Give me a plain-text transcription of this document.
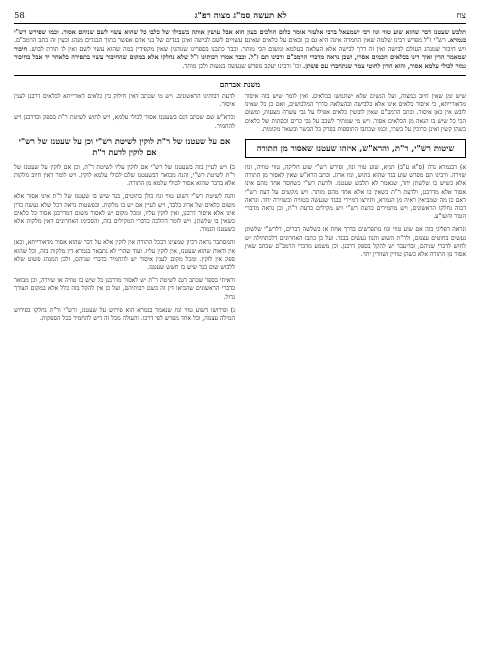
צח
לא תעשה סמ"ג מצוה רפ"ג
58
תלבש שעטנז דבר שהוא שוע טווי ונוז רבי ישמעאל ברבי אלעזר אומר כלום הולכים בעון הוא אבל עושין אותה בשבילו של כלבו כל שהוא עשוי לשם שניהם אסור. וכמו שפירש רש"י בגמרא. רש"י ז"ל מפרש רבינו שלמה שאין החמרה אינה היא גם כן ובאים על כלאים שאינם עשויים לשם לבישה ואינן בגדים של בני אדם אפשר בתוך הבגדים מנהג וכעין זה כתב הרמב"ם. ויש חיבור שמנהג העולם לבישה ואין זה דרך לבישה אלא העלאה בעלמא ומשום הכי מותר. וכבר כתבנו בספרינו שנוהגין שאין מקפידין במה שהוא עשוי לשם ואין לו תורת לבוש. חיבור שמאמר הדין ואיך דינו בכלאים חכמים אסרו, ושכן נראה מדברי הרמב"ם ורבינו תם ז"ל. וכבר אמרו רבותינו ז"ל שלא נחלקו אלא במקום שהחיבור עשוי בתפירה כלאחר יד אבל בחיבור גמור לכולי עלמא אסור, והוא הדין לחוטי צמר שנתחברו עם פשתן. וכו' ורבינו יעקב מפרש שנעשה בטעות ולכן מותר.
משנת אברהם

שיש זמן שאין חיוב במצוה, ועל הנשים שלא ישתמשו בכלאים. ואין לומר שיש בזה איסור מדאורייתא, כי איסור כלאים אינו אלא בלבישה ובהעלאה כדרך המלבושים, ואם כן כל שאינו לובש אין כאן איסור. וכתב הרמב"ם שאין לובשין כלאים אפילו על גבי עשרה מצעות, ומשום הכי כל שיש בו הנאה מן הכלאים אסור. ויש מי שמתיר לשכב על גבי כרים וכסתות של כלאים כשהן קשין ואינן כרוכין על בשרו, וכמו שכתבו התוספות בפרק כל הבשר ובשאר מקומות.

שיטות רש"י, ר"ת, והרא"ש, איזהו שעטנז שאסור מן התורה

א) דבגמרא נדה (ס"א ע"ב) תניא, שוע טווי ונוז, ופירש רש"י שוע חליקה, טווי טוויה, ונוז שזירה. ורבינו תם מפרש שוע בגד שהוא כתוש, ונוז ארוג. וכתב הרא"ש שאין לאסור מן התורה אלא כשיש בו שלשתן יחד, שנאמר לא תלבש שעטנז. ולדעת רש"י כשחסר אחד מהם אינו אסור אלא מדרבנן, ולדעת ר"ת כשאין בו אלא אחד מהם מותר. ויש מקשים על דעת רש"י דאם כן מה שמביאין ראיה מן הגמרא, ותירצו דמיירי בבגד שנעשה בטוויה ובשזירה יחד. ונראה דבזה נחלקו הראשונים, ויש מחמירים כדעת רש"י ויש מקילים כדעת ר"ת, וכן נראה מדברי הטור והשו"ע.

ונראה דפליגי בזה אם שוע טווי ונוז מתפרשים בדרך אחת או בשלשה דברים, דלרש"י שלשתן נעשים בחוטים עצמם, ולר"ת השוע והנוז נעשים בבגד. ועל כן כתבו האחרונים דלכתחילה יש לחוש לדברי שניהם, ובדיעבד יש להקל בספק דרבנן. וכן משמע מדברי הרמב"ם שכתב שאין אסור מן התורה אלא כשהן טוויין ושזורין יחד.

לדעת רבותינו הראשונים. ויש מי שכתב דאין חילוק בין כלאים דאורייתא לכלאים דרבנן לענין איסור.

וכרא"ש שם שכתב דגם בשעטנז אסור לכולי עלמא, ויש לחוש לשיטת ר"ת בספק ובדרבנן ויש להחמיר.

אם על שעטנז של ר"ת לוקין לשיטת רש"י וכן על שעטנז של רש"י אם לוקין לדעת ר"ת

ב) ויש לעיין בזה בשעטנז של רש"י אם לוקין עליו לשיטת ר"ת, וכן אם לוקין על שעטנז של ר"ת לשיטת רש"י, והנה מבואר דבשעטנז שלם לכולי עלמא לוקין. ויש לומר דאין חיוב מלקות אלא בדבר שהוא אסור לכולי עלמא מן התורה.

והנה לשיטת רש"י דשוע טווי ונוז כולן בחוטים, בגד שיש בו שעטנז של ר"ת אינו אסור אלא משום כלאים של ארוג בלבד, ויש לעיין אם יש בו מלקות. ובפשטות נראה דכל שלא נעשה כדין אינו אלא איסור דרבנן, ואין לוקין עליו, ומכל מקום יש לאסור משום דמדרבנן אסור כל כלאים כשאין בו שלשתן. ויש לומר דהלכה כדברי המקילים בזה, והסכימו האחרונים דאין מלקות אלא בשעטנז הגמור.

והמסתבר נראה דכיון שמצינו דבכל התורה אין לוקין אלא על דבר שהוא אסור מדאורייתא, וכאן אין ודאות שהוא שעטנז, אין לוקין עליו. ועוד שהרי לא נתבאר בגמרא דין מלקות בזה, וכל שהוא ספק אין לוקין. ומכל מקום לענין איסור יש להחמיר כדברי שניהם, ולכן המנהג פשוט שלא ללבוש שום בגד שיש בו חשש שעטנז.

וראיתי בספר שכתב דגם לשיטת ר"ת יש לאסור מדרבנן כל שיש בו טוויה או שזירה, וכן מבואר בדברי הראשונים שהביאו דין זה בשם רבותיהם, ועל כן אין להקל בזה כלל אלא במקום הצורך גדול.

ג) ופירושו דשוע טווי ונוז שנאמר בגמרא הוא פירוש על שעטנז, ורש"י ור"ת נחלקו בפירוש המילה עצמה, וכל אחד מפרש לפי דרכו. והעולה מכל זה דיש להחמיר בכל הספקות.
